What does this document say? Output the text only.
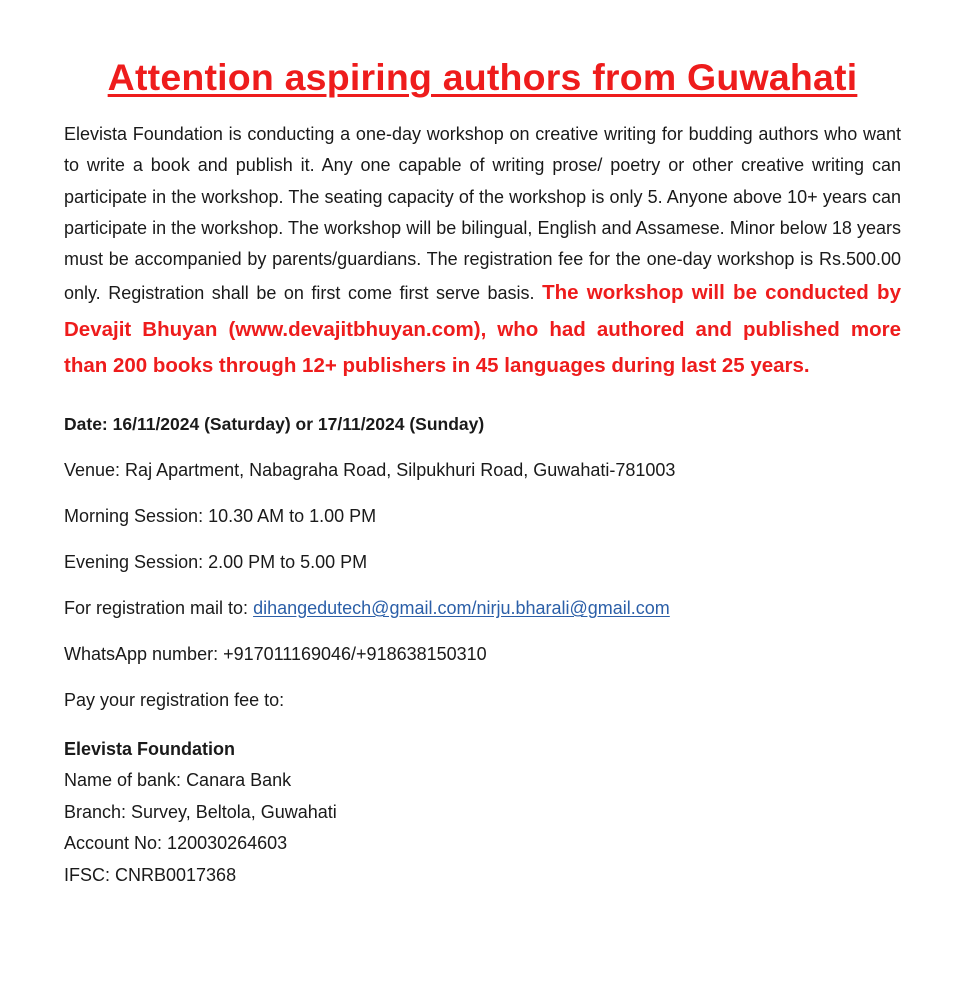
Attention aspiring authors from Guwahati

Elevista Foundation is conducting a one-day workshop on creative writing for budding authors who want to write a book and publish it. Any one capable of writing prose/ poetry or other creative writing can participate in the workshop. The seating capacity of the workshop is only 5. Anyone above 10+ years can participate in the workshop. The workshop will be bilingual, English and Assamese. Minor below 18 years must be accompanied by parents/guardians. The registration fee for the one-day workshop is Rs.500.00 only. Registration shall be on first come first serve basis. The workshop will be conducted by Devajit Bhuyan (www.devajitbhuyan.com), who had authored and published more than 200 books through 12+ publishers in 45 languages during last 25 years.

Date: 16/11/2024 (Saturday) or 17/11/2024 (Sunday)

Venue: Raj Apartment, Nabagraha Road, Silpukhuri Road, Guwahati-781003

Morning Session: 10.30 AM to 1.00 PM

Evening Session: 2.00 PM to 5.00 PM

For registration mail to: dihangedutech@gmail.com/nirju.bharali@gmail.com

WhatsApp number: +917011169046/+918638150310

Pay your registration fee to:

Elevista Foundation

Name of bank: Canara Bank

Branch: Survey, Beltola, Guwahati

Account No: 120030264603

IFSC: CNRB0017368
